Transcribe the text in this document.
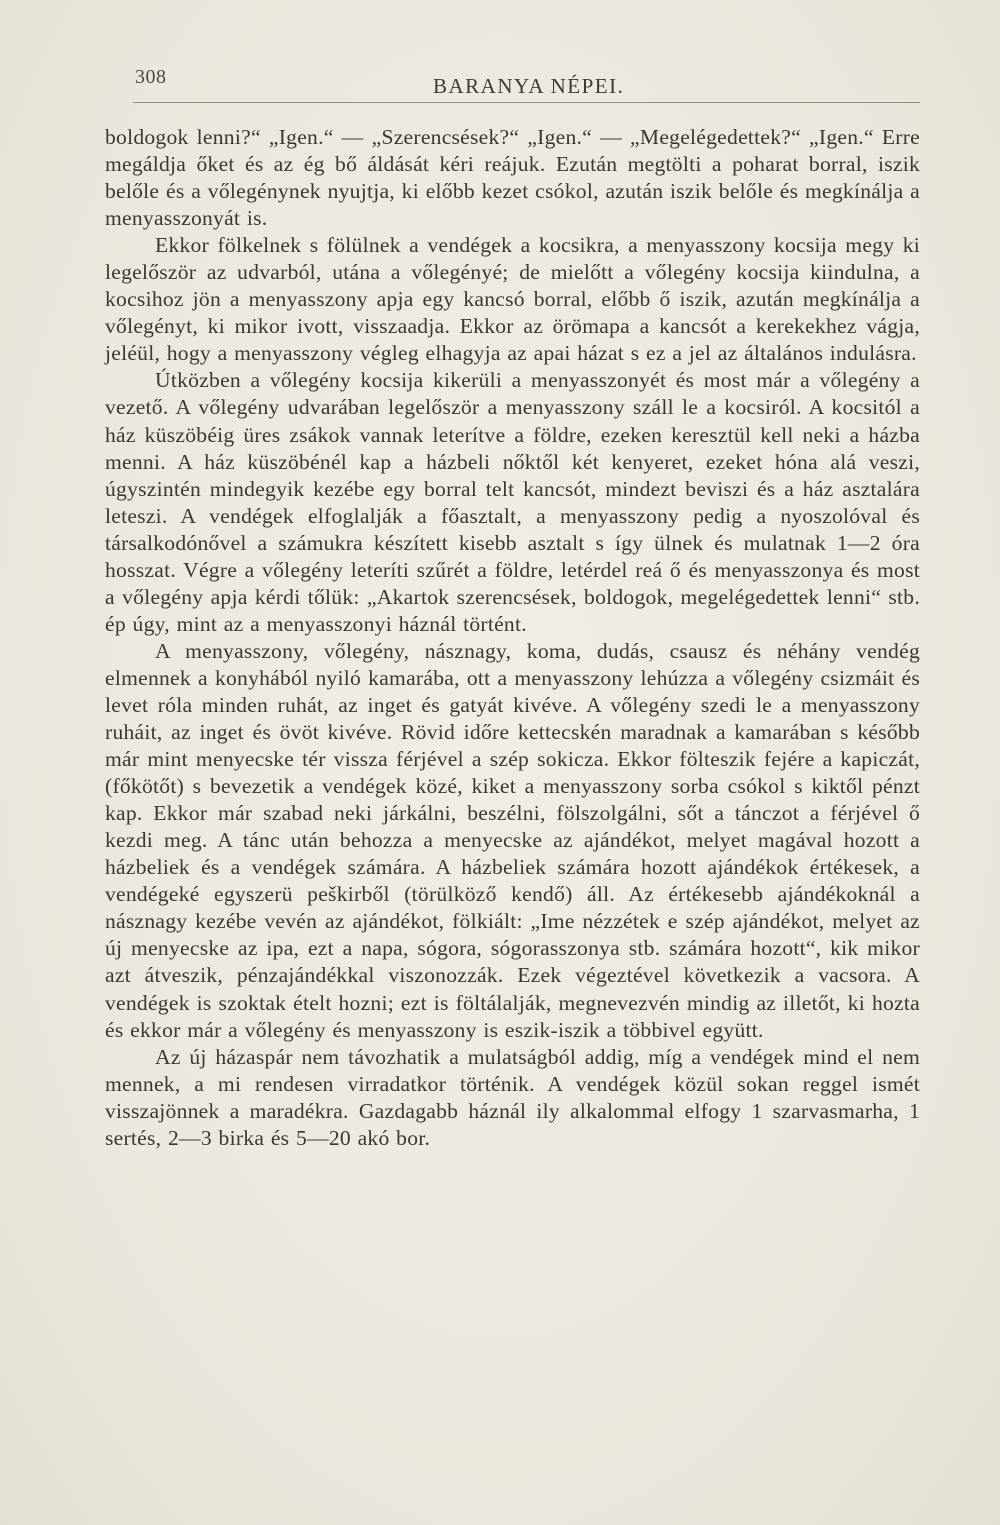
308	BARANYA NÉPEI.

boldogok lenni?“ „Igen.“ — „Szerencsések?“ „Igen.“ — „Megelégedettek?“ „Igen.“ Erre megáldja őket és az ég bő áldását kéri reájuk. Ezután megtölti a poharat borral, iszik belőle és a vőlegénynek nyujtja, ki előbb kezet csókol, azután iszik belőle és megkínálja a menyasszonyát is.

Ekkor fölkelnek s fölülnek a vendégek a kocsikra, a menyasszony kocsija megy ki legelőször az udvarból, utána a vőlegényé; de mielőtt a vőlegény kocsija kiindulna, a kocsihoz jön a menyasszony apja egy kancsó borral, előbb ő iszik, azután megkínálja a vőlegényt, ki mikor ivott, visszaadja. Ekkor az örömapa a kancsót a kerekekhez vágja, jeléül, hogy a menyasszony végleg elhagyja az apai házat s ez a jel az általános indulásra.

Útközben a vőlegény kocsija kikerüli a menyasszonyét és most már a vőlegény a vezető. A vőlegény udvarában legelőször a menyasszony száll le a kocsiról. A kocsitól a ház küszöbéig üres zsákok vannak leterítve a földre, ezeken keresztül kell neki a házba menni. A ház küszöbénél kap a házbeli nőktől két kenyeret, ezeket hóna alá veszi, úgyszintén mindegyik kezébe egy borral telt kancsót, mindezt beviszi és a ház asztalára leteszi. A vendégek elfoglalják a főasztalt, a menyasszony pedig a nyoszolóval és társalkodónővel a számukra készített kisebb asztalt s így ülnek és mulatnak 1—2 óra hosszat. Végre a vőlegény leteríti szűrét a földre, letérdel reá ő és menyasszonya és most a vőlegény apja kérdi tőlük: „Akartok szerencsések, boldogok, megelégedettek lenni“ stb. ép úgy, mint az a menyasszonyi háznál történt.

A menyasszony, vőlegény, násznagy, koma, dudás, csausz és néhány vendég elmennek a konyhából nyiló kamarába, ott a menyasszony lehúzza a vőlegény csizmáit és levet róla minden ruhát, az inget és gatyát kivéve. A vőlegény szedi le a menyasszony ruháit, az inget és övöt kivéve. Rövid időre kettecskén maradnak a kamarában s később már mint menyecske tér vissza férjével a szép sokicza. Ekkor fölteszik fejére a kapiczát, (főkötőt) s bevezetik a vendégek közé, kiket a menyasszony sorba csókol s kiktől pénzt kap. Ekkor már szabad neki járkálni, beszélni, fölszolgálni, sőt a tánczot a férjével ő kezdi meg. A tánc után behozza a menyecske az ajándékot, melyet magával hozott a házbeliek és a vendégek számára. A házbeliek számára hozott ajándékok értékesek, a vendégeké egyszerü peškirből (törülköző kendő) áll. Az értékesebb ajándékoknál a násznagy kezébe vevén az ajándékot, fölkiált: „Ime nézzétek e szép ajándékot, melyet az új menyecske az ipa, ezt a napa, sógora, sógorasszonya stb. számára hozott“, kik mikor azt átveszik, pénzajándékkal viszonozzák. Ezek végeztével következik a vacsora. A vendégek is szoktak ételt hozni; ezt is föltálalják, megnevezvén mindig az illetőt, ki hozta és ekkor már a vőlegény és menyasszony is eszik-iszik a többivel együtt.

Az új házaspár nem távozhatik a mulatságból addig, míg a vendégek mind el nem mennek, a mi rendesen virradatkor történik. A vendégek közül sokan reggel ismét visszajönnek a maradékra. Gazdagabb háznál ily alkalommal elfogy 1 szarvasmarha, 1 sertés, 2—3 birka és 5—20 akó bor.
